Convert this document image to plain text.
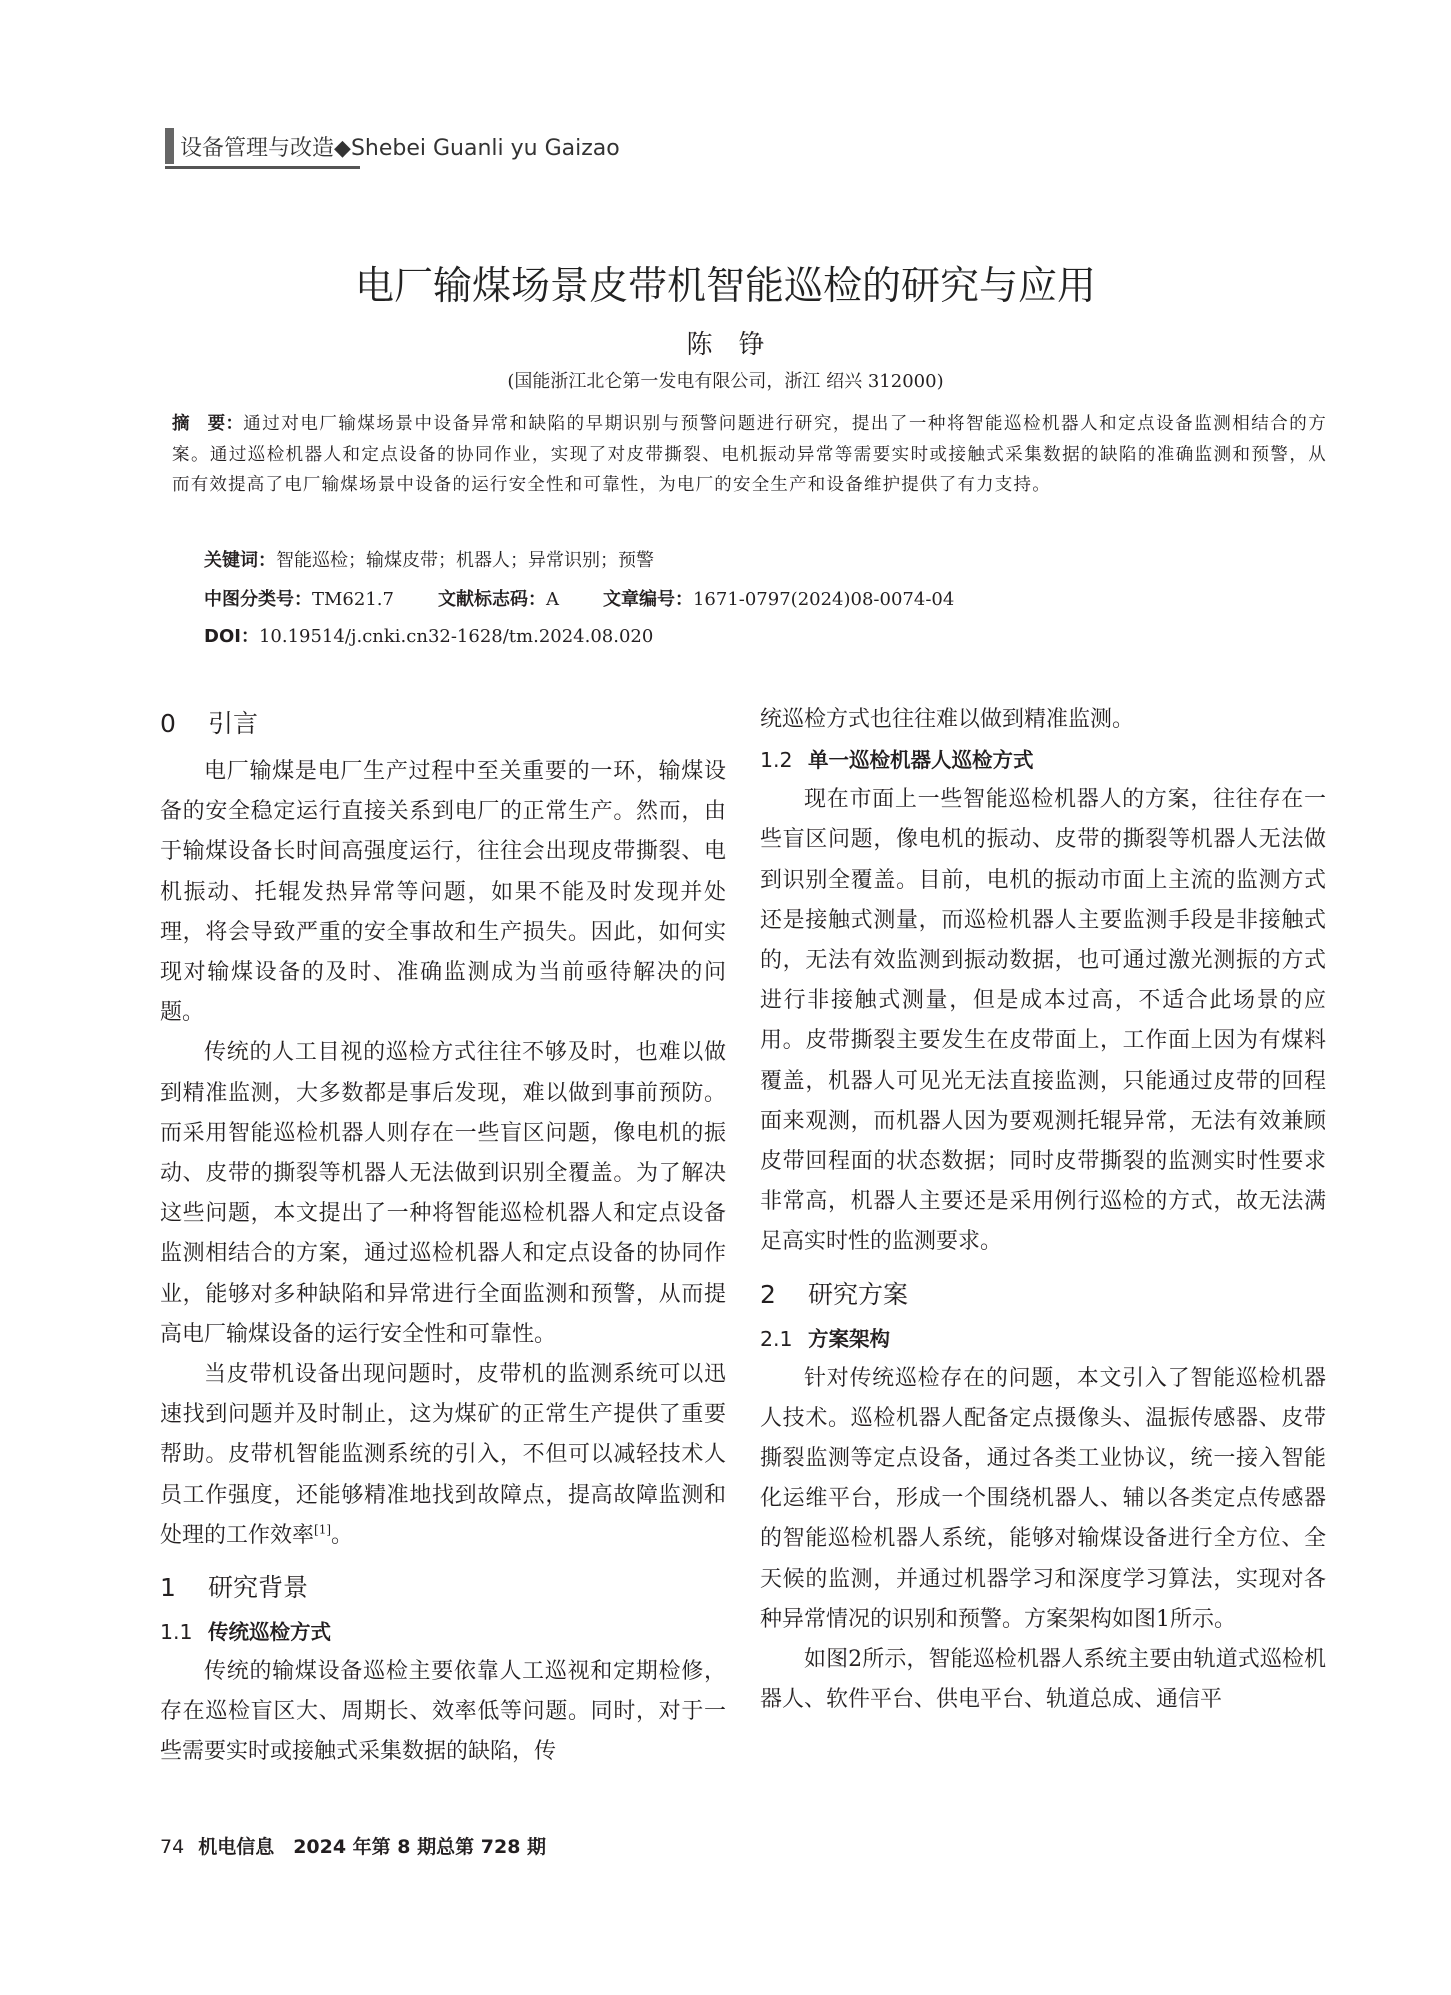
设备管理与改造◆Shebei Guanli yu Gaizao
电厂输煤场景皮带机智能巡检的研究与应用
陈铮
(国能浙江北仑第一发电有限公司，浙江 绍兴 312000)
摘　要：通过对电厂输煤场景中设备异常和缺陷的早期识别与预警问题进行研究，提出了一种将智能巡检机器人和定点设备监测相结合的方案。通过巡检机器人和定点设备的协同作业，实现了对皮带撕裂、电机振动异常等需要实时或接触式采集数据的缺陷的准确监测和预警，从而有效提高了电厂输煤场景中设备的运行安全性和可靠性，为电厂的安全生产和设备维护提供了有力支持。
关键词：智能巡检；输煤皮带；机器人；异常识别；预警
中图分类号：TM621.7 文献标志码：A 文章编号：1671-0797(2024)08-0074-04
DOI：10.19514/j.cnki.cn32-1628/tm.2024.08.020
0 引言

电厂输煤是电厂生产过程中至关重要的一环，输煤设备的安全稳定运行直接关系到电厂的正常生产。然而，由于输煤设备长时间高强度运行，往往会出现皮带撕裂、电机振动、托辊发热异常等问题，如果不能及时发现并处理，将会导致严重的安全事故和生产损失。因此，如何实现对输煤设备的及时、准确监测成为当前亟待解决的问题。

传统的人工目视的巡检方式往往不够及时，也难以做到精准监测，大多数都是事后发现，难以做到事前预防。而采用智能巡检机器人则存在一些盲区问题，像电机的振动、皮带的撕裂等机器人无法做到识别全覆盖。为了解决这些问题，本文提出了一种将智能巡检机器人和定点设备监测相结合的方案，通过巡检机器人和定点设备的协同作业，能够对多种缺陷和异常进行全面监测和预警，从而提高电厂输煤设备的运行安全性和可靠性。

当皮带机设备出现问题时，皮带机的监测系统可以迅速找到问题并及时制止，这为煤矿的正常生产提供了重要帮助。皮带机智能监测系统的引入，不但可以减轻技术人员工作强度，还能够精准地找到故障点，提高故障监测和处理的工作效率[1]。

1 研究背景
1.1 传统巡检方式

传统的输煤设备巡检主要依靠人工巡视和定期检修，存在巡检盲区大、周期长、效率低等问题。同时，对于一些需要实时或接触式采集数据的缺陷，传

统巡检方式也往往难以做到精准监测。

1.2 单一巡检机器人巡检方式

现在市面上一些智能巡检机器人的方案，往往存在一些盲区问题，像电机的振动、皮带的撕裂等机器人无法做到识别全覆盖。目前，电机的振动市面上主流的监测方式还是接触式测量，而巡检机器人主要监测手段是非接触式的，无法有效监测到振动数据，也可通过激光测振的方式进行非接触式测量，但是成本过高，不适合此场景的应用。皮带撕裂主要发生在皮带面上，工作面上因为有煤料覆盖，机器人可见光无法直接监测，只能通过皮带的回程面来观测，而机器人因为要观测托辊异常，无法有效兼顾皮带回程面的状态数据；同时皮带撕裂的监测实时性要求非常高，机器人主要还是采用例行巡检的方式，故无法满足高实时性的监测要求。

2 研究方案
2.1 方案架构

针对传统巡检存在的问题，本文引入了智能巡检机器人技术。巡检机器人配备定点摄像头、温振传感器、皮带撕裂监测等定点设备，通过各类工业协议，统一接入智能化运维平台，形成一个围绕机器人、辅以各类定点传感器的智能巡检机器人系统，能够对输煤设备进行全方位、全天候的监测，并通过机器学习和深度学习算法，实现对各种异常情况的识别和预警。方案架构如图1所示。

如图2所示，智能巡检机器人系统主要由轨道式巡检机器人、软件平台、供电平台、轨道总成、通信平

74 机电信息　2024 年第 8 期总第 728 期
